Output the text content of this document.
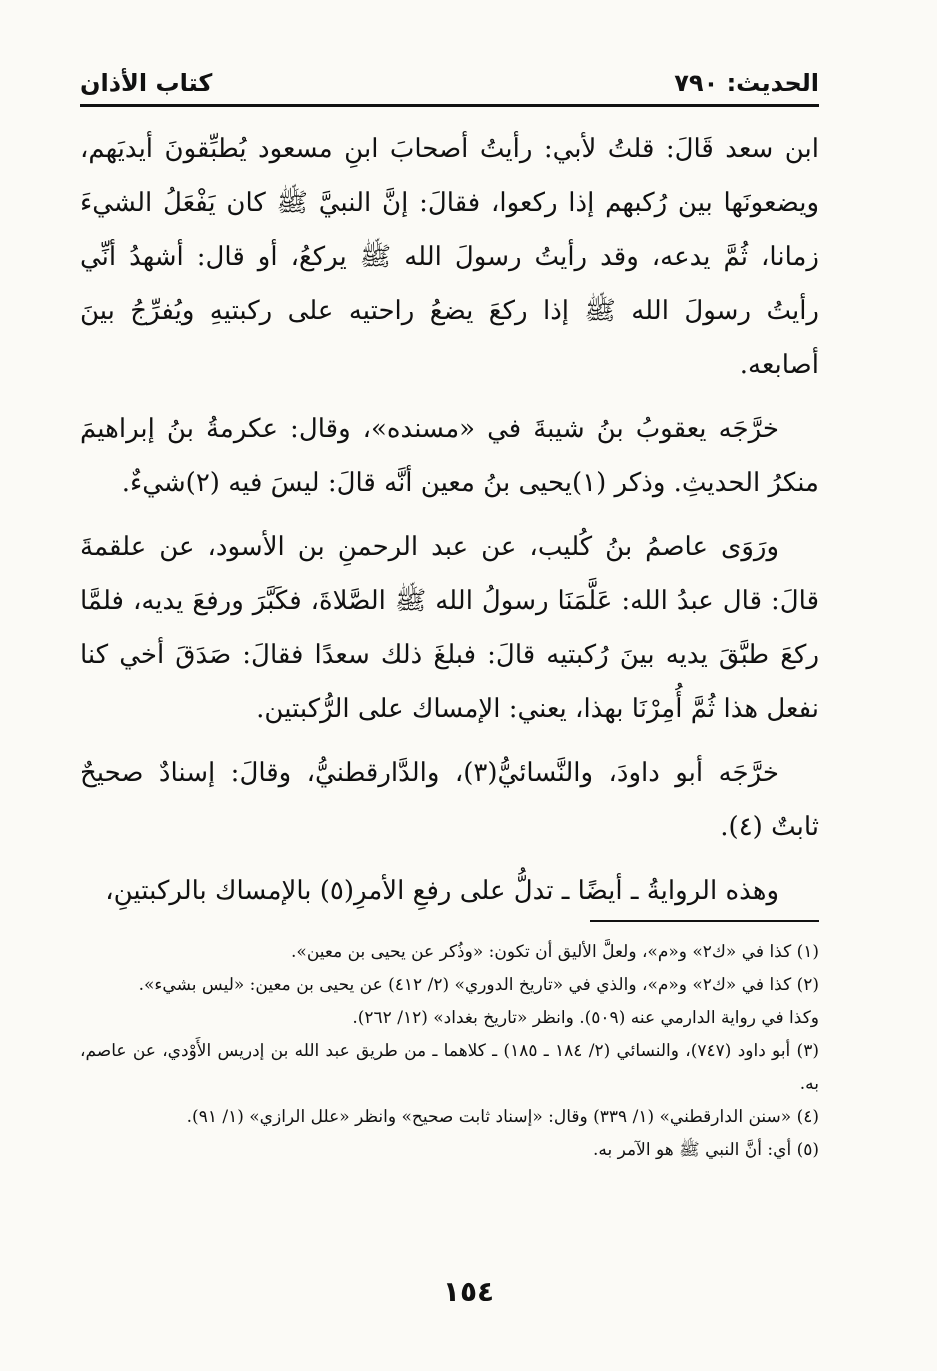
الحديث: ٧٩٠
كتاب الأذان

ابن سعد قَالَ: قلتُ لأبي: رأيتُ أصحابَ ابنِ مسعود يُطبِّقونَ أيديَهم، ويضعونَها بين رُكبهم إذا ركعوا، فقالَ: إنَّ النبيَّ ﷺ كان يَفْعَلُ الشيءَ زمانا، ثُمَّ يدعه، وقد رأيتُ رسولَ الله ﷺ يركعُ، أو قال: أشهدُ أنِّي رأيتُ رسولَ الله ﷺ إذا ركعَ يضعُ راحتيه على ركبتيهِ ويُفرِّجُ بينَ أصابعه.

خرَّجَه يعقوبُ بنُ شيبةَ في «مسنده»، وقال: عكرمةُ بنُ إبراهيمَ منكرُ الحديثِ. وذكر (١)يحيى بنُ معين أنَّه قالَ: ليسَ فيه (٢)شيءٌ.

ورَوَى عاصمُ بنُ كُليب، عن عبد الرحمنِ بن الأسود، عن علقمةَ قالَ: قال عبدُ الله: عَلَّمَنَا رسولُ الله ﷺ الصَّلاةَ، فكَبَّرَ ورفعَ يديه، فلمَّا ركعَ طبَّقَ يديه بينَ رُكبتيه قالَ: فبلغَ ذلك سعدًا فقالَ: صَدَقَ أخي كنا نفعل هذا ثُمَّ أُمِرْنَا بهذا، يعني: الإمساك على الرُّكبتين.

خرَّجَه أبو داودَ، والنَّسائيُّ(٣)، والدَّارقطنيُّ، وقالَ: إسنادٌ صحيحٌ ثابتٌ (٤).

وهذه الروايةُ ـ أيضًا ـ تدلُّ على رفعِ الأمرِ(٥) بالإمساك بالركبتينِ،

(١) كذا في «ك٢» و«م»، ولعلَّ الأليق أن تكون: «وذُكر عن يحيى بن معين».

(٢) كذا في «ك٢» و«م»، والذي في «تاريخ الدوري» (٢/ ٤١٢) عن يحيى بن معين: «ليس بشيء».

وكذا في رواية الدارمي عنه (٥٠٩). وانظر «تاريخ بغداد» (١٢/ ٢٦٢).

(٣) أبو داود (٧٤٧)، والنسائي (٢/ ١٨٤ ـ ١٨٥) ـ كلاهما ـ من طريق عبد الله بن إدريس الأَوْدي، عن عاصم، به.

(٤) «سنن الدارقطني» (١/ ٣٣٩) وقال: «إسناد ثابت صحيح» وانظر «علل الرازي» (١/ ٩١).

(٥) أي: أنَّ النبي ﷺ هو الآمر به.

١٥٤
